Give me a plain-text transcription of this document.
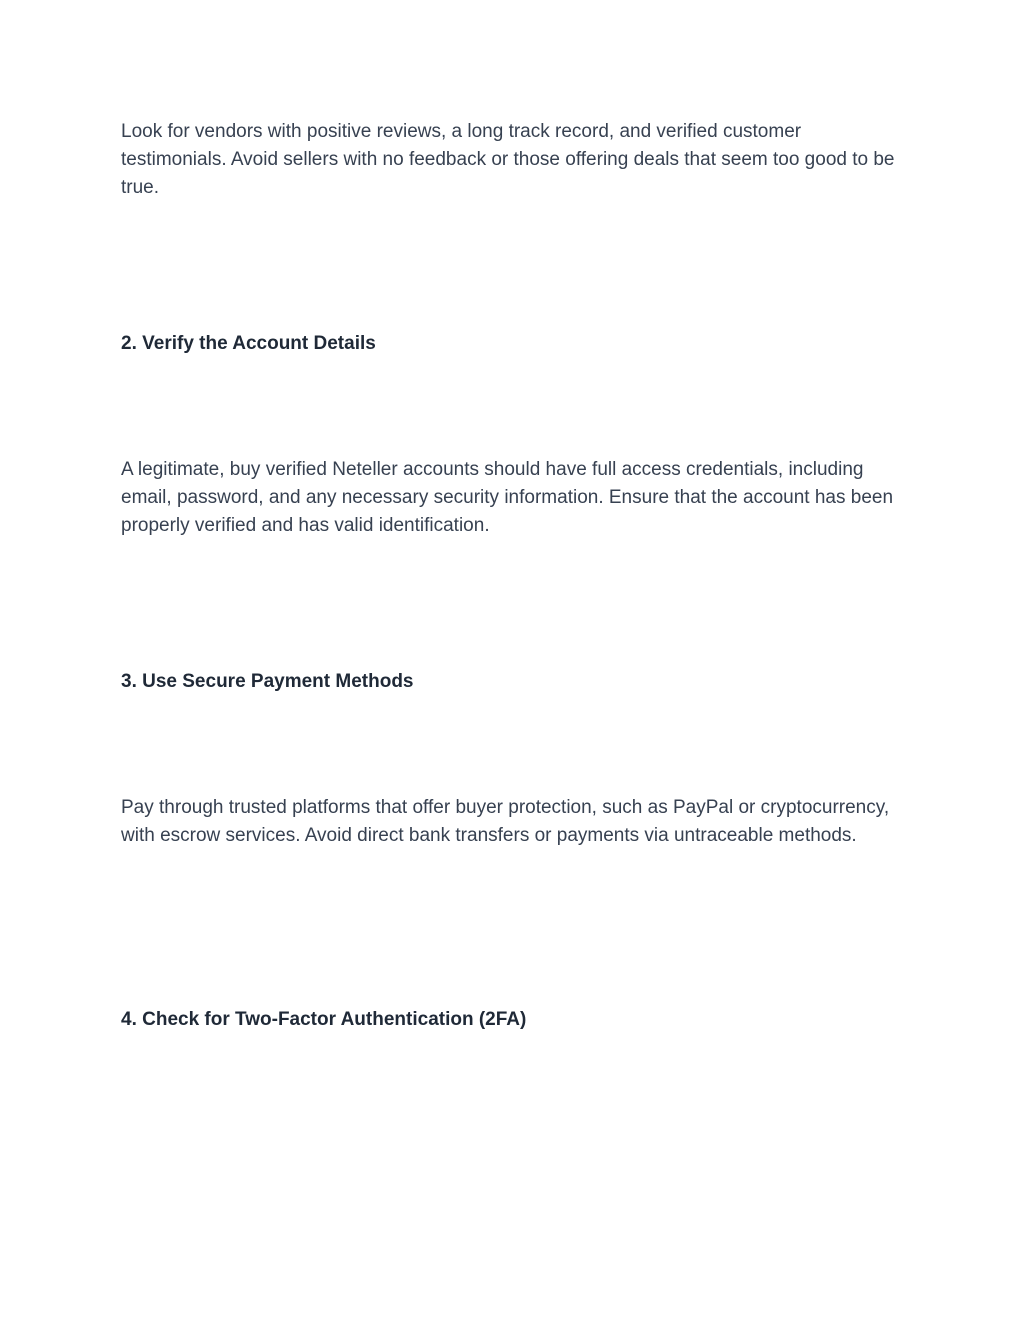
Look for vendors with positive reviews, a long track record, and verified customer testimonials. Avoid sellers with no feedback or those offering deals that seem too good to be true.

2. Verify the Account Details

A legitimate, buy verified Neteller accounts should have full access credentials, including email, password, and any necessary security information. Ensure that the account has been properly verified and has valid identification.

3. Use Secure Payment Methods

Pay through trusted platforms that offer buyer protection, such as PayPal or cryptocurrency, with escrow services. Avoid direct bank transfers or payments via untraceable methods.

4. Check for Two-Factor Authentication (2FA)
